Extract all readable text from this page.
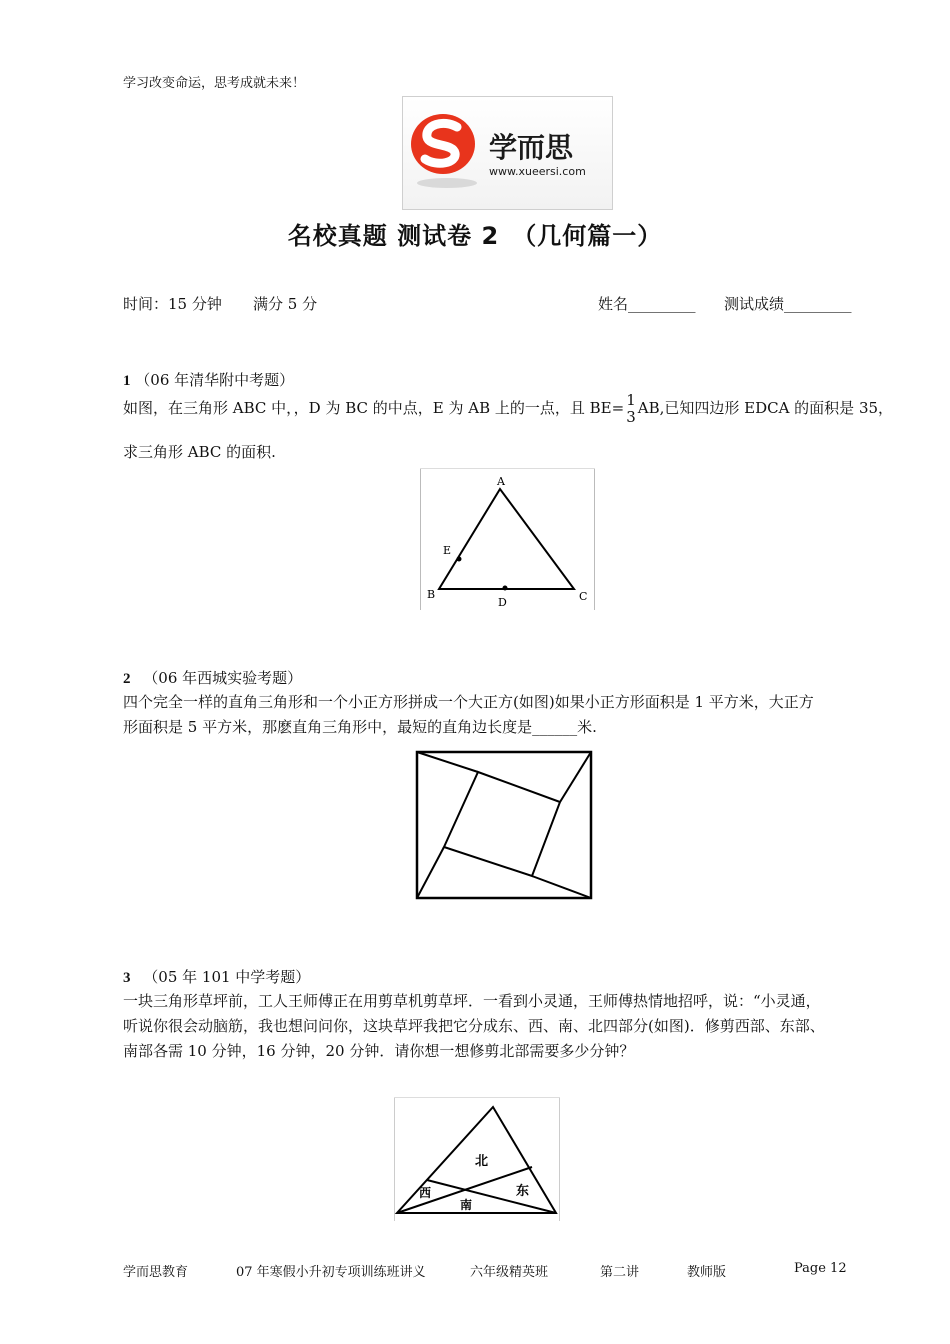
学习改变命运，思考成就未来！
学而思
www.xueersi.com
名校真题 测试卷 2　（几何篇一）
时间：15 分钟 满分 5 分	姓名_________ 测试成绩_________
1 （06 年清华附中考题）
如图，在三角形 ABC 中，，D 为 BC 的中点，E 为 AB 上的一点，且 BE= 1
3 AB,已知四边形 EDCA 的面积是 35，
求三角形 ABC 的面积.
A
E
B
D	C
2 （06 年西城实验考题）
四个完全一样的直角三角形和一个小正方形拼成一个大正方(如图)如果小正方形面积是 1 平方米，大正方
形面积是 5 平方米，那麽直角三角形中，最短的直角边长度是______米.
3 （05 年 101 中学考题）
一块三角形草坪前，工人王师傅正在用剪草机剪草坪．一看到小灵通，王师傅热情地招呼，说：“小灵通，
听说你很会动脑筋，我也想问问你，这块草坪我把它分成东、西、南、北四部分(如图)．修剪西部、东部、
南部各需 10 分钟，16 分钟，20 分钟．请你想一想修剪北部需要多少分钟？
北
东
西
南
学而思教育	07 年寒假小升初专项训练班讲义	六年级精英班	第二讲	教师版	Page 12
